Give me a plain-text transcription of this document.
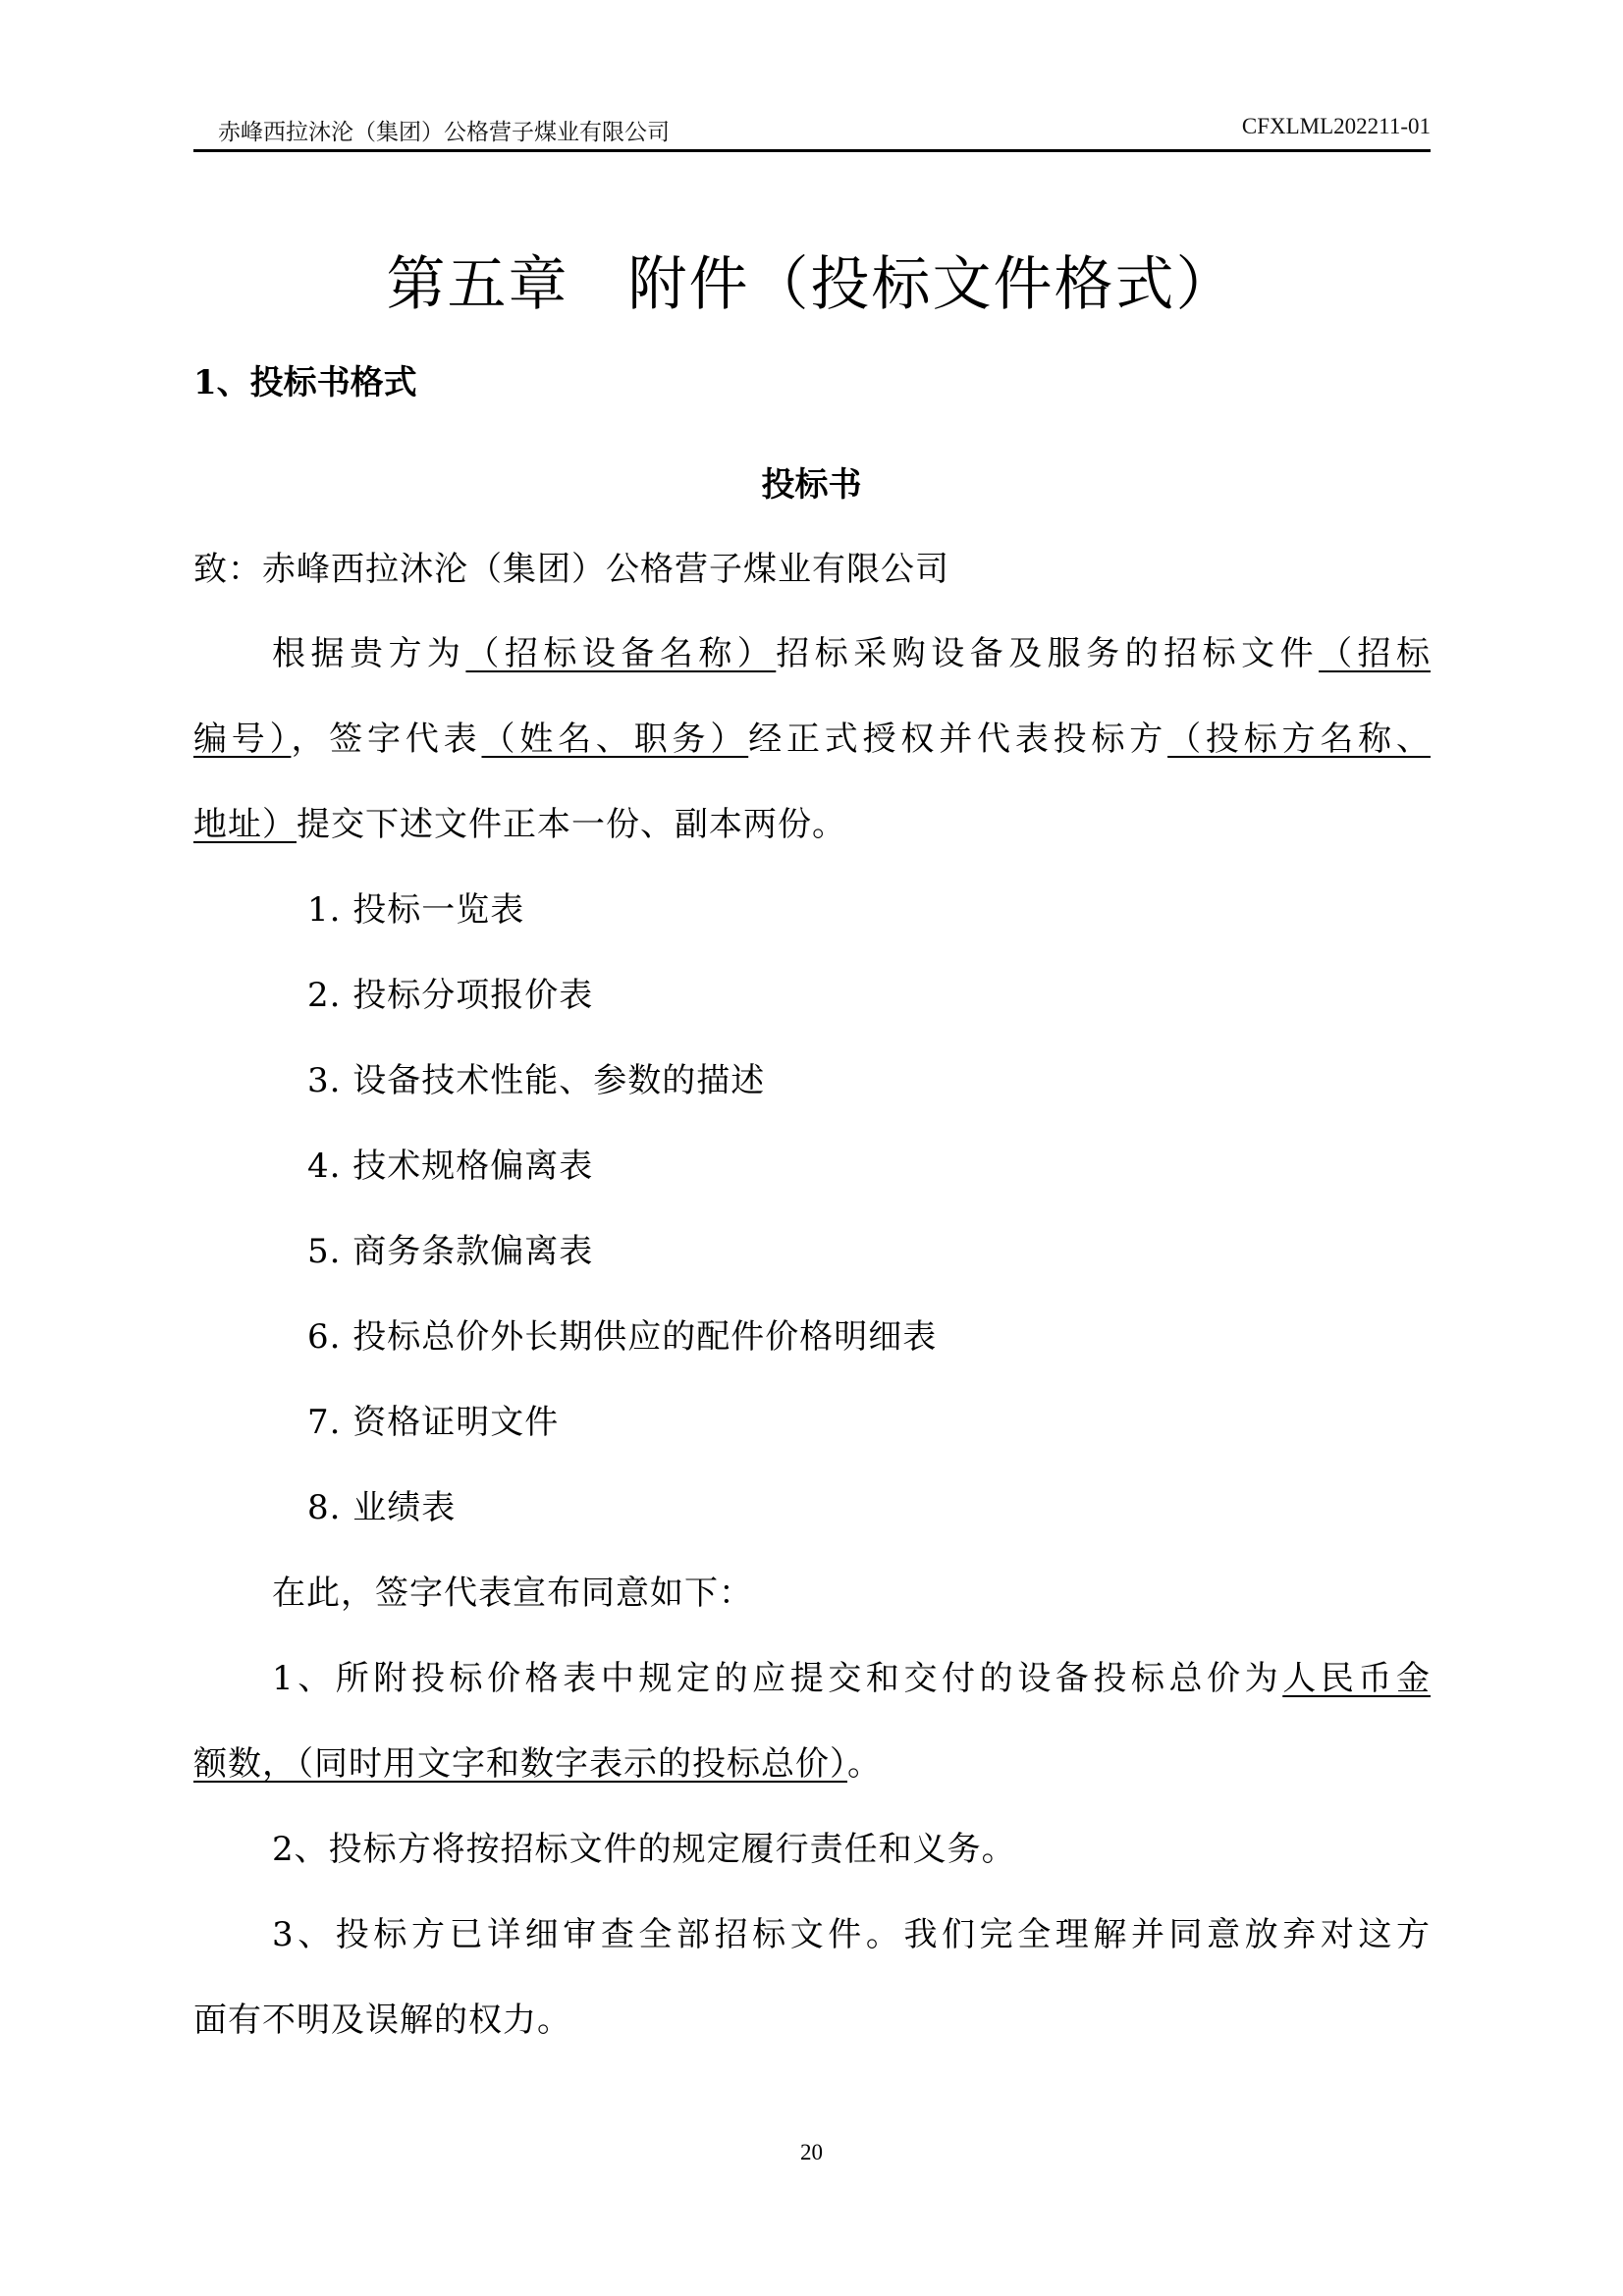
赤峰西拉沐沦（集团）公格营子煤业有限公司	CFXLML202211-01
第五章 附件（投标文件格式）
1、投标书格式
投标书
致：赤峰西拉沐沦（集团）公格营子煤业有限公司
根据贵方为（招标设备名称）招标采购设备及服务的招标文件（招标
编号），签字代表（姓名、职务）经正式授权并代表投标方（投标方名称、
地址）提交下述文件正本一份、副本两份。
1. 投标一览表
2. 投标分项报价表
3. 设备技术性能、参数的描述
4. 技术规格偏离表
5. 商务条款偏离表
6. 投标总价外长期供应的配件价格明细表
7. 资格证明文件
8. 业绩表
在此，签字代表宣布同意如下：
1、所附投标价格表中规定的应提交和交付的设备投标总价为人民币金
额数，（同时用文字和数字表示的投标总价）。
2、投标方将按招标文件的规定履行责任和义务。
3、投标方已详细审查全部招标文件。我们完全理解并同意放弃对这方
面有不明及误解的权力。
20
